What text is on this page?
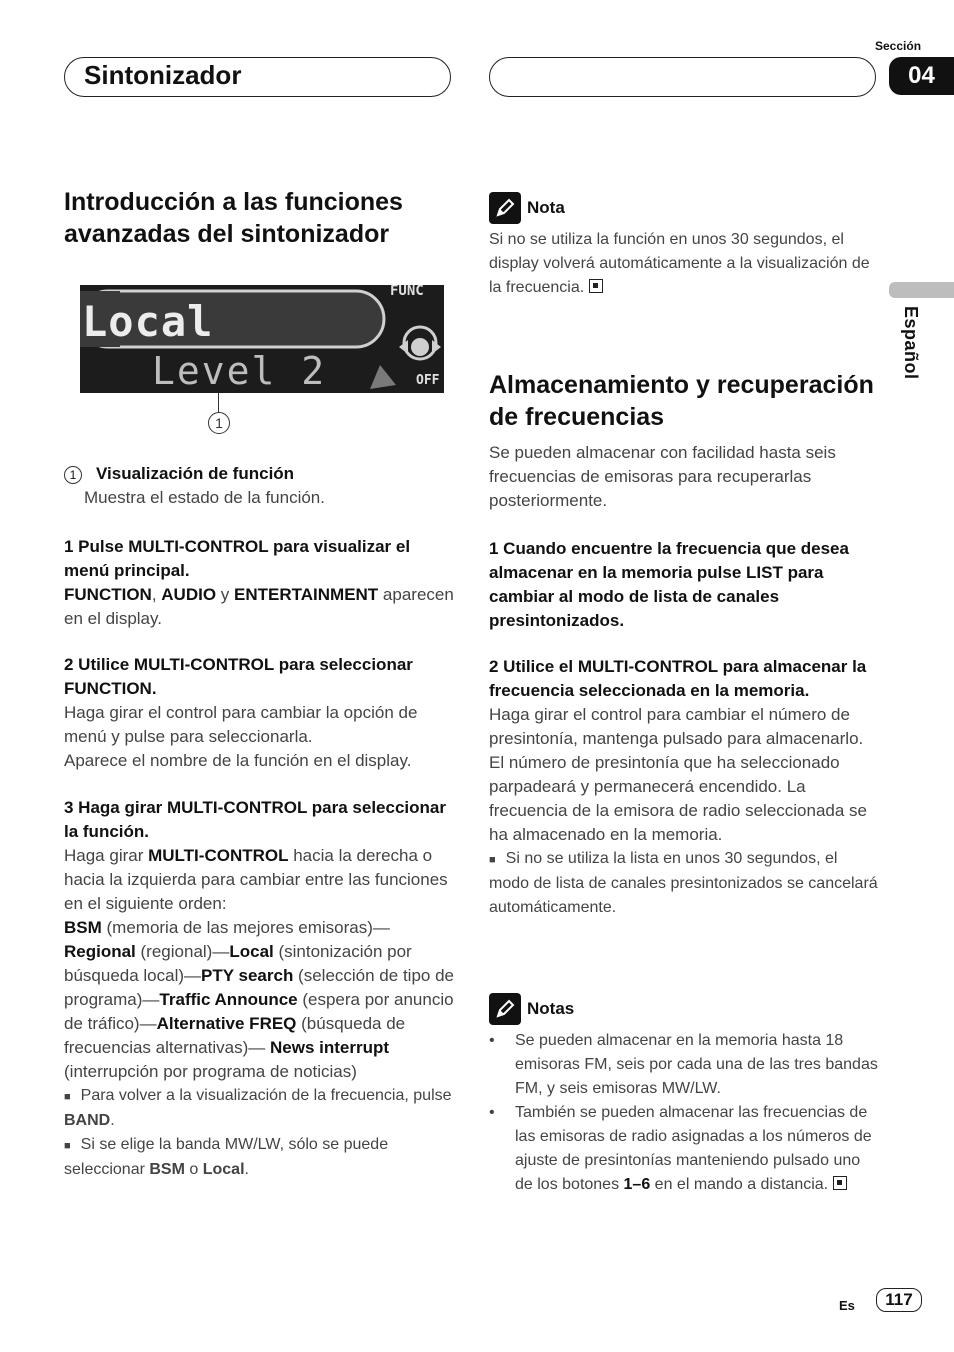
Sintonizador
Sección
04
Español
Introducción a las funciones avanzadas del sintonizador
Local
Level 2
FUNC
OFF
1

1 Visualización de función

Muestra el estado de la función.

1 Pulse MULTI-CONTROL para visualizar el menú principal.

FUNCTION, AUDIO y ENTERTAINMENT aparecen en el display.

2 Utilice MULTI-CONTROL para seleccionar FUNCTION.

Haga girar el control para cambiar la opción de menú y pulse para seleccionarla.

Aparece el nombre de la función en el display.

3 Haga girar MULTI-CONTROL para seleccionar la función.

Haga girar MULTI-CONTROL hacia la derecha o hacia la izquierda para cambiar entre las funciones en el siguiente orden:

BSM (memoria de las mejores emisoras)— Regional (regional)—Local (sintonización por búsqueda local)—PTY search (selección de tipo de programa)—Traffic Announce (espera por anuncio de tráfico)—Alternative FREQ (búsqueda de frecuencias alternativas)— News interrupt (interrupción por programa de noticias)

■ Para volver a la visualización de la frecuencia, pulse BAND.

■ Si se elige la banda MW/LW, sólo se puede seleccionar BSM o Local.

Nota

Si no se utiliza la función en unos 30 segundos, el display volverá automáticamente a la visualización de la frecuencia.

Almacenamiento y recuperación de frecuencias

Se pueden almacenar con facilidad hasta seis frecuencias de emisoras para recuperarlas posteriormente.

1 Cuando encuentre la frecuencia que desea almacenar en la memoria pulse LIST para cambiar al modo de lista de canales presintonizados.

2 Utilice el MULTI-CONTROL para almacenar la frecuencia seleccionada en la memoria.

Haga girar el control para cambiar el número de presintonía, mantenga pulsado para almacenarlo.

El número de presintonía que ha seleccionado parpadeará y permanecerá encendido. La frecuencia de la emisora de radio seleccionada se ha almacenado en la memoria.

■ Si no se utiliza la lista en unos 30 segundos, el modo de lista de canales presintonizados se cancelará automáticamente.

Notas
•	Se pueden almacenar en la memoria hasta 18 emisoras FM, seis por cada una de las tres bandas FM, y seis emisoras MW/LW.
•	También se pueden almacenar las frecuencias de las emisoras de radio asignadas a los números de ajuste de presintonías manteniendo pulsado uno de los botones 1–6 en el mando a distancia.
Es	117
